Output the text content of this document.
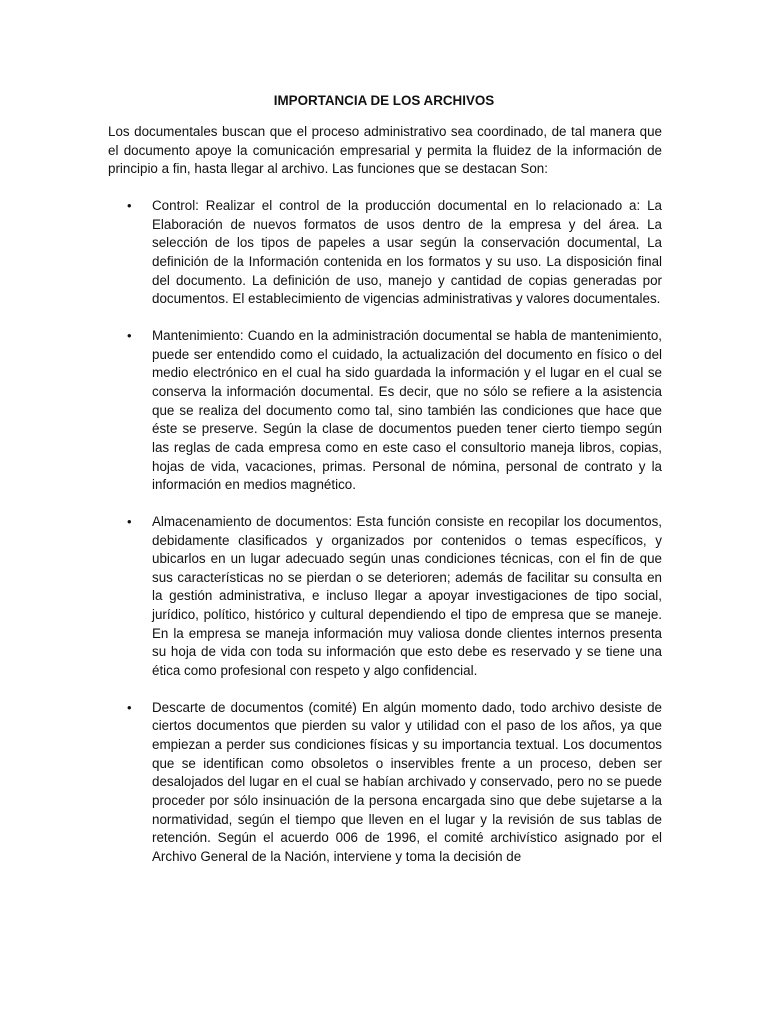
IMPORTANCIA DE LOS ARCHIVOS

Los documentales buscan que el proceso administrativo sea coordinado, de tal manera que el documento apoye la comunicación empresarial y permita la fluidez de la información de principio a fin, hasta llegar al archivo. Las funciones que se destacan Son:

• Control: Realizar el control de la producción documental en lo relacionado a: La Elaboración de nuevos formatos de usos dentro de la empresa y del área. La selección de los tipos de papeles a usar según la conservación documental, La definición de la Información contenida en los formatos y su uso. La disposición final del documento. La definición de uso, manejo y cantidad de copias generadas por documentos. El establecimiento de vigencias administrativas y valores documentales.
• Mantenimiento: Cuando en la administración documental se habla de mantenimiento, puede ser entendido como el cuidado, la actualización del documento en físico o del medio electrónico en el cual ha sido guardada la información y el lugar en el cual se conserva la información documental. Es decir, que no sólo se refiere a la asistencia que se realiza del documento como tal, sino también las condiciones que hace que éste se preserve. Según la clase de documentos pueden tener cierto tiempo según las reglas de cada empresa como en este caso el consultorio maneja libros, copias, hojas de vida, vacaciones, primas. Personal de nómina, personal de contrato y la información en medios magnético.
• Almacenamiento de documentos: Esta función consiste en recopilar los documentos, debidamente clasificados y organizados por contenidos o temas específicos, y ubicarlos en un lugar adecuado según unas condiciones técnicas, con el fin de que sus características no se pierdan o se deterioren; además de facilitar su consulta en la gestión administrativa, e incluso llegar a apoyar investigaciones de tipo social, jurídico, político, histórico y cultural dependiendo el tipo de empresa que se maneje. En la empresa se maneja información muy valiosa donde clientes internos presenta su hoja de vida con toda su información que esto debe es reservado y se tiene una ética como profesional con respeto y algo confidencial.
• Descarte de documentos (comité) En algún momento dado, todo archivo desiste de ciertos documentos que pierden su valor y utilidad con el paso de los años, ya que empiezan a perder sus condiciones físicas y su importancia textual. Los documentos que se identifican como obsoletos o inservibles frente a un proceso, deben ser desalojados del lugar en el cual se habían archivado y conservado, pero no se puede proceder por sólo insinuación de la persona encargada sino que debe sujetarse a la normatividad, según el tiempo que lleven en el lugar y la revisión de sus tablas de retención. Según el acuerdo 006 de 1996, el comité archivístico asignado por el Archivo General de la Nación, interviene y toma la decisión de
